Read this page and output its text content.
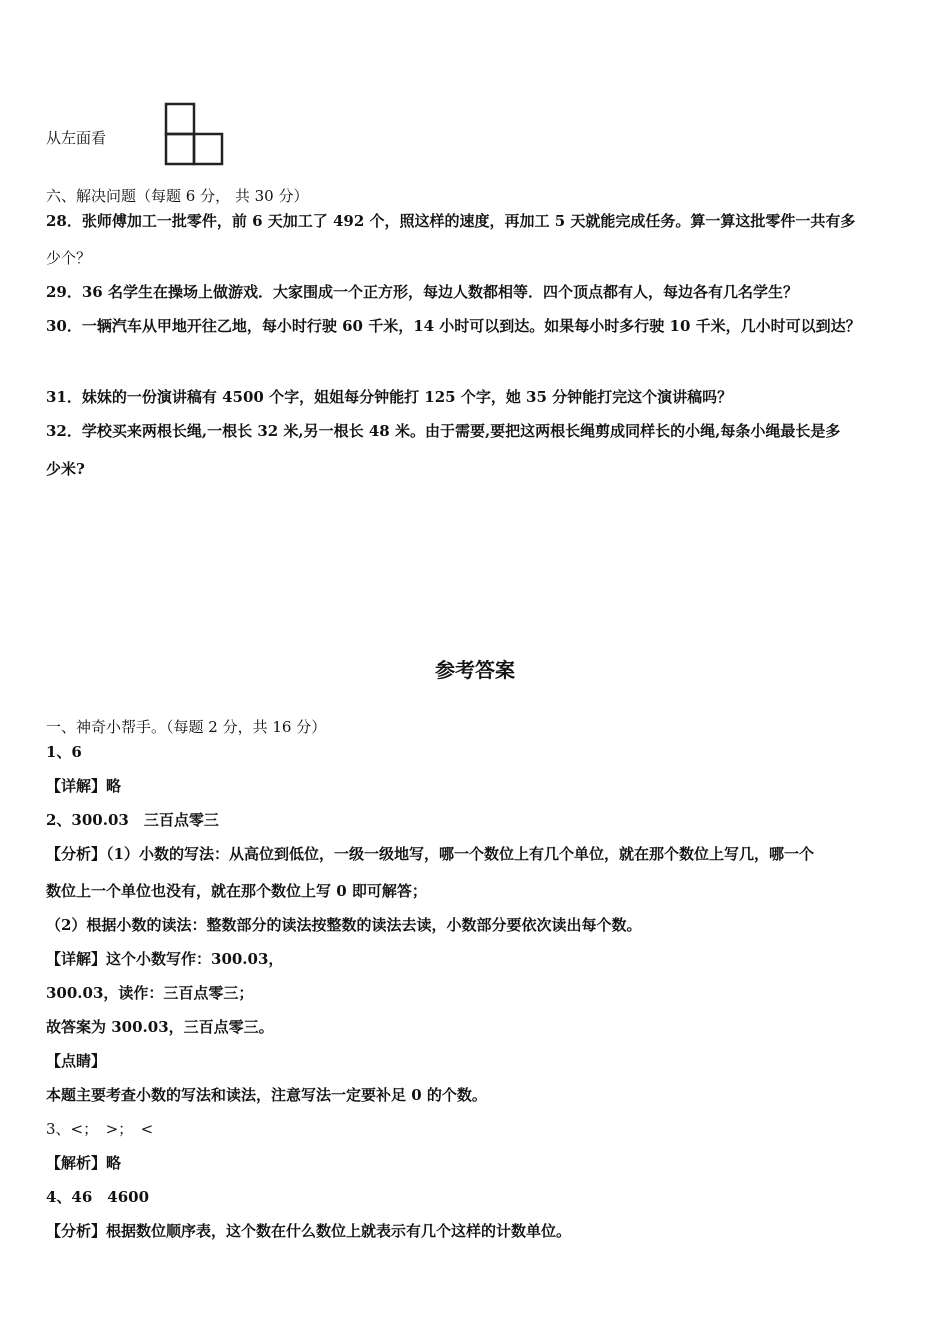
从左面看
六、解决问题（每题 6 分， 共 30 分）
28．张师傅加工一批零件，前 6 天加工了 492 个，照这样的速度，再加工 5 天就能完成任务。算一算这批零件一共有多
少个？
29．36 名学生在操场上做游戏．大家围成一个正方形，每边人数都相等．四个顶点都有人，每边各有几名学生？
30．一辆汽车从甲地开往乙地，每小时行驶 60 千米，14 小时可以到达。如果每小时多行驶 10 千米，几小时可以到达？
31．妹妹的一份演讲稿有 4500 个字，姐姐每分钟能打 125 个字，她 35 分钟能打完这个演讲稿吗？
32．学校买来两根长绳,一根长 32 米,另一根长 48 米。由于需要,要把这两根长绳剪成同样长的小绳,每条小绳最长是多
少米?
参考答案
一、神奇小帮手。（每题 2 分，共 16 分）
1、6
【详解】略
2、300.03　三百点零三
【分析】（1）小数的写法：从高位到低位，一级一级地写，哪一个数位上有几个单位，就在那个数位上写几，哪一个
数位上一个单位也没有，就在那个数位上写 0 即可解答；
（2）根据小数的读法：整数部分的读法按整数的读法去读，小数部分要依次读出每个数。
【详解】这个小数写作：300.03，
300.03，读作：三百点零三；
故答案为 300.03，三百点零三。
【点睛】
本题主要考查小数的写法和读法，注意写法一定要补足 0 的个数。
3、<；　>；　<
【解析】略
4、46　4600
【分析】根据数位顺序表，这个数在什么数位上就表示有几个这样的计数单位。
